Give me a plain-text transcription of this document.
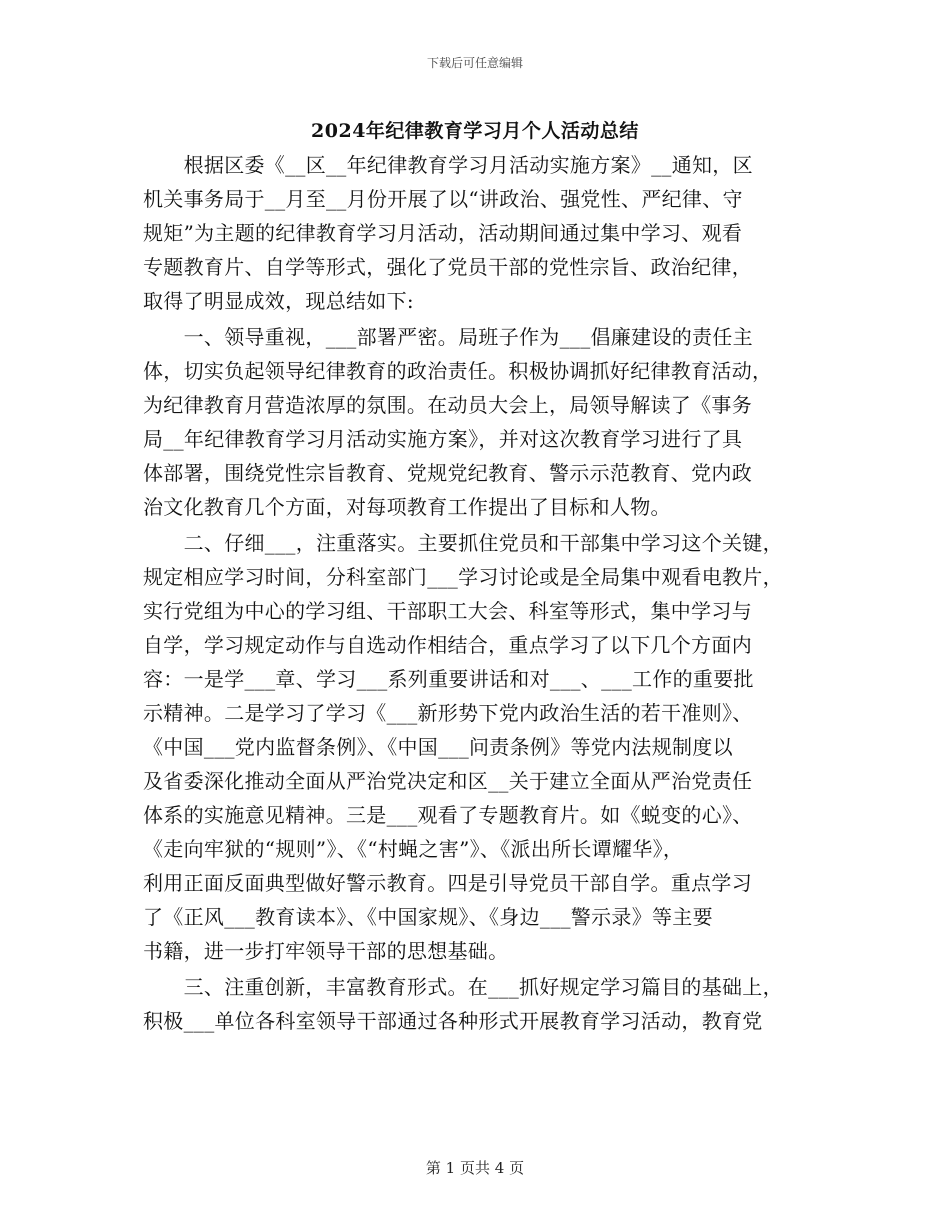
下载后可任意编辑
2024年纪律教育学习月个人活动总结
　　根据区委《__区__年纪律教育学习月活动实施方案》__通知，区
机关事务局于__月至__月份开展了以“讲政治、强党性、严纪律、守
规矩”为主题的纪律教育学习月活动，活动期间通过集中学习、观看
专题教育片、自学等形式，强化了党员干部的党性宗旨、政治纪律，
取得了明显成效，现总结如下:
　　一、领导重视，___部署严密。局班子作为___倡廉建设的责任主
体，切实负起领导纪律教育的政治责任。积极协调抓好纪律教育活动，
为纪律教育月营造浓厚的氛围。在动员大会上，局领导解读了《事务
局__年纪律教育学习月活动实施方案》，并对这次教育学习进行了具
体部署，围绕党性宗旨教育、党规党纪教育、警示示范教育、党内政
治文化教育几个方面，对每项教育工作提出了目标和人物。
　　二、仔细___，注重落实。主要抓住党员和干部集中学习这个关键，
规定相应学习时间，分科室部门___学习讨论或是全局集中观看电教片，
实行党组为中心的学习组、干部职工大会、科室等形式，集中学习与
自学，学习规定动作与自选动作相结合，重点学习了以下几个方面内
容：一是学___章、学习___系列重要讲话和对___、___工作的重要批
示精神。二是学习了学习《___新形势下党内政治生活的若干准则》、
《中国___党内监督条例》、《中国___问责条例》等党内法规制度以
及省委深化推动全面从严治党决定和区__关于建立全面从严治党责任
体系的实施意见精神。三是___观看了专题教育片。如《蜕变的心》、
《走向牢狱的“规则”》、《“村蝇之害”》、《派出所长谭耀华》，
利用正面反面典型做好警示教育。四是引导党员干部自学。重点学习
了《正风___教育读本》、《中国家规》、《身边___警示录》等主要
书籍，进一步打牢领导干部的思想基础。
　　三、注重创新，丰富教育形式。在___抓好规定学习篇目的基础上，
积极___单位各科室领导干部通过各种形式开展教育学习活动，教育党
第 1 页共 4 页
